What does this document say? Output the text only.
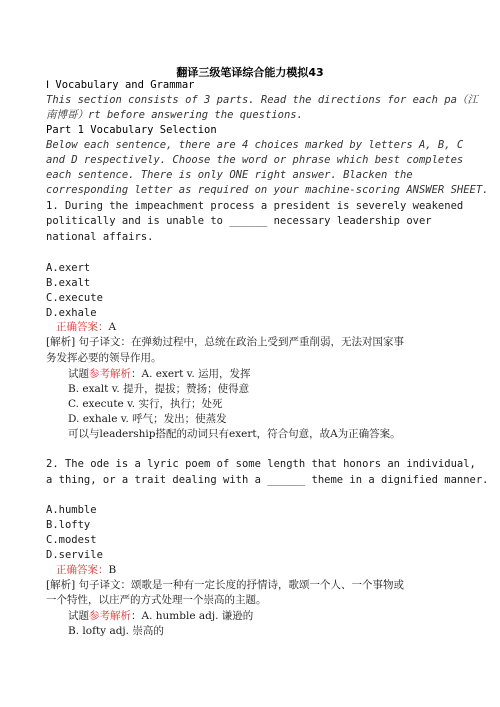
翻译三级笔译综合能力模拟43
Ⅰ Vocabulary and Grammar
This section consists of 3 parts. Read the directions for each pa（江
南博哥）rt before answering the questions.
Part 1 Vocabulary Selection
Below each sentence, there are 4 choices marked by letters A, B, C
and D respectively. Choose the word or phrase which best completes
each sentence. There is only ONE right answer. Blacken the
corresponding letter as required on your machine-scoring ANSWER SHEET.
1. During the impeachment process a president is severely weakened
politically and is unable to ______ necessary leadership over
national affairs.
A.exert
B.exalt
C.execute
D.exhale
正确答案：A
[解析] 句子译文：在弹劾过程中，总统在政治上受到严重削弱，无法对国家事
务发挥必要的领导作用。
试题参考解析：A. exert v. 运用，发挥
B. exalt v. 提升，提拔；赞扬；使得意
C. execute v. 实行，执行；处死
D. exhale v. 呼气；发出；使蒸发
可以与leadership搭配的动词只有exert，符合句意，故A为正确答案。
2. The ode is a lyric poem of some length that honors an individual,
a thing, or a trait dealing with a ______ theme in a dignified manner.
A.humble
B.lofty
C.modest
D.servile
正确答案：B
[解析] 句子译文：颂歌是一种有一定长度的抒情诗，歌颂一个人、一个事物或
一个特性，以庄严的方式处理一个崇高的主题。
试题参考解析：A. humble adj. 谦逊的
B. lofty adj. 崇高的
